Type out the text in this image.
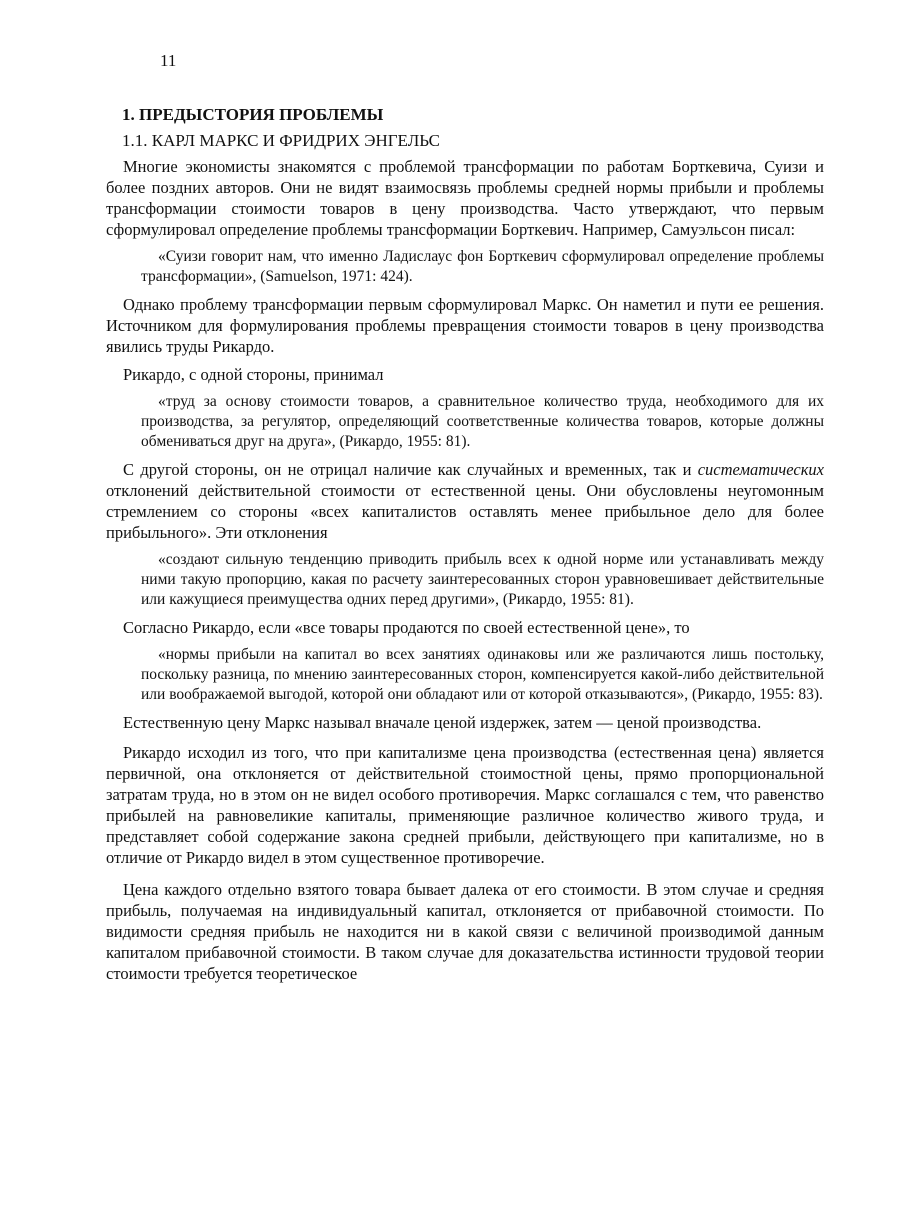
11
1. ПРЕДЫСТОРИЯ ПРОБЛЕМЫ
1.1. КАРЛ МАРКС И ФРИДРИХ ЭНГЕЛЬС

Многие экономисты знакомятся с проблемой трансформации по работам Борткевича, Суизи и более поздних авторов. Они не видят взаимосвязь проблемы средней нормы прибыли и проблемы трансформации стоимости товаров в цену производства. Часто утверждают, что первым сформулировал определение проблемы трансформации Борткевич. Например, Самуэльсон писал:

«Суизи говорит нам, что именно Ладислаус фон Борткевич сформулировал определение проблемы трансформации», (Samuelson, 1971: 424).

Однако проблему трансформации первым сформулировал Маркс. Он наметил и пути ее решения. Источником для формулирования проблемы превращения стоимости товаров в цену производства явились труды Рикардо.

Рикардо, с одной стороны, принимал

«труд за основу стоимости товаров, а сравнительное количество труда, необходимого для их производства, за регулятор, определяющий соответственные количества товаров, которые должны обмениваться друг на друга», (Рикардо, 1955: 81).

С другой стороны, он не отрицал наличие как случайных и временных, так и систематических отклонений действительной стоимости от естественной цены. Они обусловлены неугомонным стремлением со стороны «всех капиталистов оставлять менее прибыльное дело для более прибыльного». Эти отклонения

«создают сильную тенденцию приводить прибыль всех к одной норме или устанавливать между ними такую пропорцию, какая по расчету заинтересованных сторон уравновешивает действительные или кажущиеся преимущества одних перед другими», (Рикардо, 1955: 81).

Согласно Рикардо, если «все товары продаются по своей естественной цене», то

«нормы прибыли на капитал во всех занятиях одинаковы или же различаются лишь постольку, поскольку разница, по мнению заинтересованных сторон, компенсируется какой-либо действительной или воображаемой выгодой, которой они обладают или от которой отказываются», (Рикардо, 1955: 83).

Естественную цену Маркс называл вначале ценой издержек, затем — ценой производства.

Рикардо исходил из того, что при капитализме цена производства (естественная цена) является первичной, она отклоняется от действительной стоимостной цены, прямо пропорциональной затратам труда, но в этом он не видел особого противоречия. Маркс соглашался с тем, что равенство прибылей на равновеликие капиталы, применяющие различное количество живого труда, и представляет собой содержание закона средней прибыли, действующего при капитализме, но в отличие от Рикардо видел в этом существенное противоречие.

Цена каждого отдельно взятого товара бывает далека от его стоимости. В этом случае и средняя прибыль, получаемая на индивидуальный капитал, отклоняется от прибавочной стоимости. По видимости средняя прибыль не находится ни в какой связи с величиной производимой данным капиталом прибавочной стоимости. В таком случае для доказательства истинности трудовой теории стоимости требуется теоретическое
